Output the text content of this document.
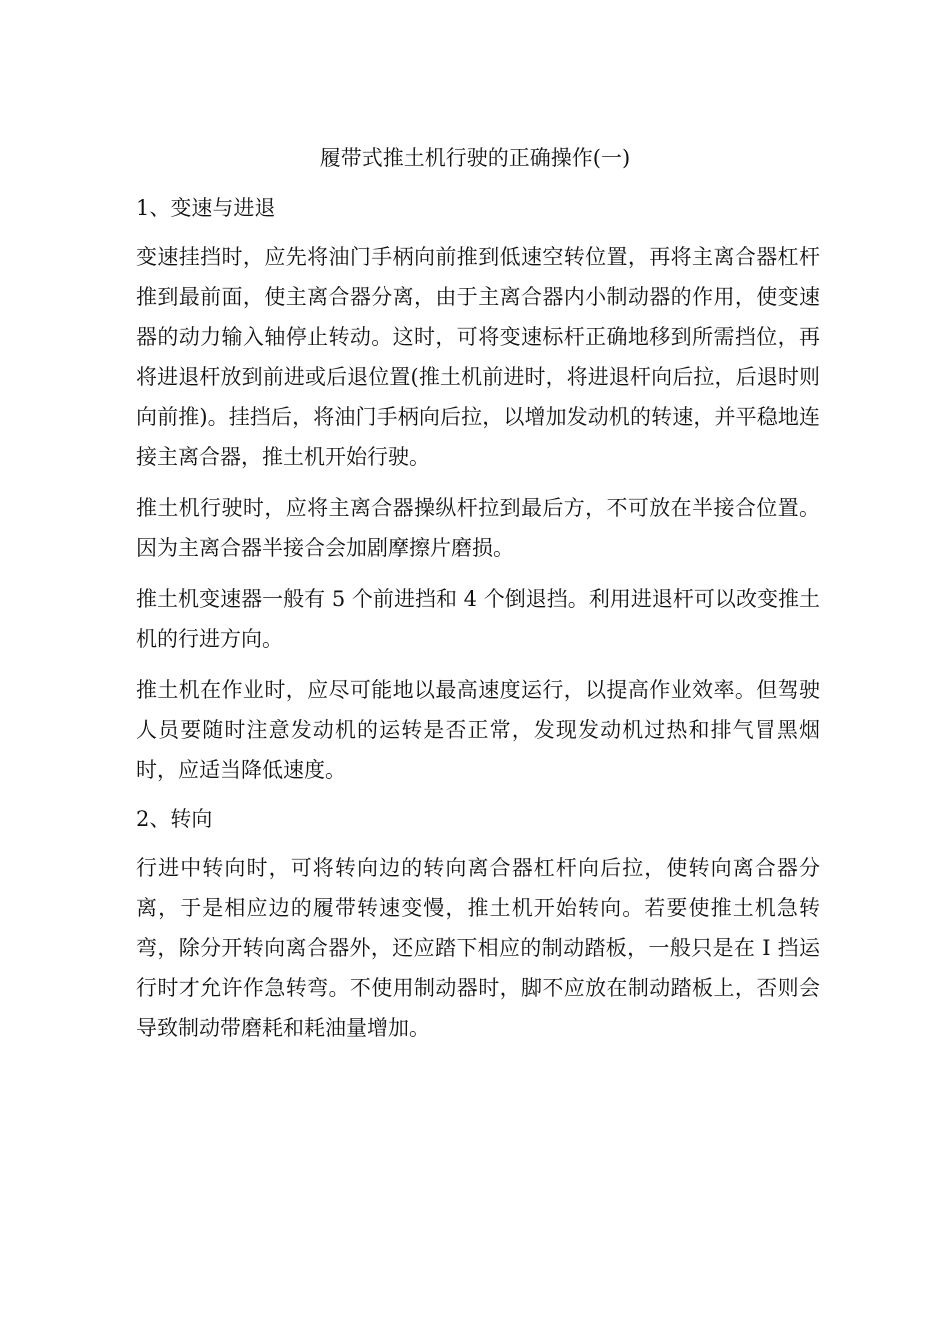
履带式推土机行驶的正确操作(一)
1、变速与进退

变速挂挡时，应先将油门手柄向前推到低速空转位置，再将主离合器杠杆推到最前面，使主离合器分离，由于主离合器内小制动器的作用，使变速器的动力输入轴停止转动。这时，可将变速标杆正确地移到所需挡位，再将进退杆放到前进或后退位置(推土机前进时，将进退杆向后拉，后退时则向前推)。挂挡后，将油门手柄向后拉，以增加发动机的转速，并平稳地连接主离合器，推土机开始行驶。

推土机行驶时，应将主离合器操纵杆拉到最后方，不可放在半接合位置。因为主离合器半接合会加剧摩擦片磨损。

推土机变速器一般有 5 个前进挡和 4 个倒退挡。利用进退杆可以改变推土机的行进方向。

推土机在作业时，应尽可能地以最高速度运行，以提高作业效率。但驾驶人员要随时注意发动机的运转是否正常，发现发动机过热和排气冒黑烟时，应适当降低速度。

2、转向

行进中转向时，可将转向边的转向离合器杠杆向后拉，使转向离合器分离，于是相应边的履带转速变慢，推土机开始转向。若要使推土机急转弯，除分开转向离合器外，还应踏下相应的制动踏板，一般只是在 I 挡运行时才允许作急转弯。不使用制动器时，脚不应放在制动踏板上，否则会导致制动带磨耗和耗油量增加。
